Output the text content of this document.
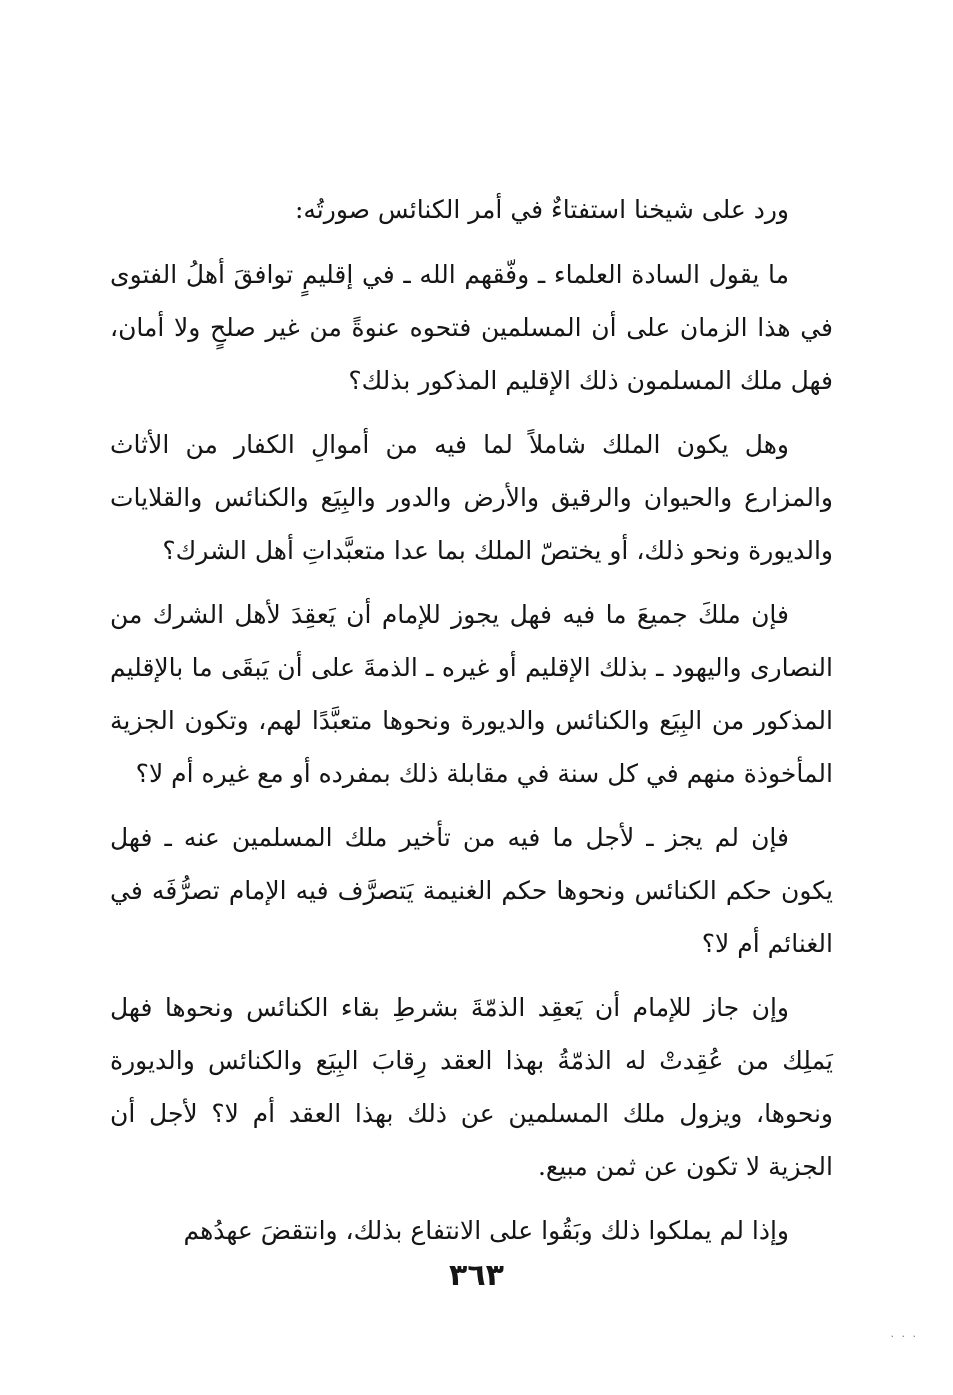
ورد على شيخنا استفتاءٌ في أمر الكنائس صورتُه:

ما يقول السادة العلماء ـ وفّقهم الله ـ في إقليمٍ توافقَ أهلُ الفتوى في هذا الزمان على أن المسلمين فتحوه عنوةً من غير صلحٍ ولا أمان، فهل ملك المسلمون ذلك الإقليم المذكور بذلك؟

وهل يكون الملك شاملاً لما فيه من أموالِ الكفار من الأثاث والمزارع والحيوان والرقيق والأرض والدور والبِيَع والكنائس والقلايات والديورة ونحو ذلك، أو يختصّ الملك بما عدا متعبَّداتِ أهل الشرك؟

فإن ملكَ جميعَ ما فيه فهل يجوز للإمام أن يَعقِدَ لأهل الشرك من النصارى واليهود ـ بذلك الإقليم أو غيره ـ الذمةَ على أن يَبقَى ما بالإقليم المذكور من البِيَع والكنائس والديورة ونحوها متعبَّدًا لهم، وتكون الجزية المأخوذة منهم في كل سنة في مقابلة ذلك بمفرده أو مع غيره أم لا؟

فإن لم يجز ـ لأجل ما فيه من تأخير ملك المسلمين عنه ـ فهل يكون حكم الكنائس ونحوها حكم الغنيمة يَتصرَّف فيه الإمام تصرُّفَه في الغنائم أم لا؟

وإن جاز للإمام أن يَعقِد الذمّةَ بشرطِ بقاء الكنائس ونحوها فهل يَملِك من عُقِدتْ له الذمّةُ بهذا العقد رِقابَ البِيَع والكنائس والديورة ونحوها، ويزول ملك المسلمين عن ذلك بهذا العقد أم لا؟ لأجل أن الجزية لا تكون عن ثمن مبيع.

وإذا لم يملكوا ذلك وبَقُوا على الانتفاع بذلك، وانتقضَ عهدُهم

٣٦٣
· · ·
